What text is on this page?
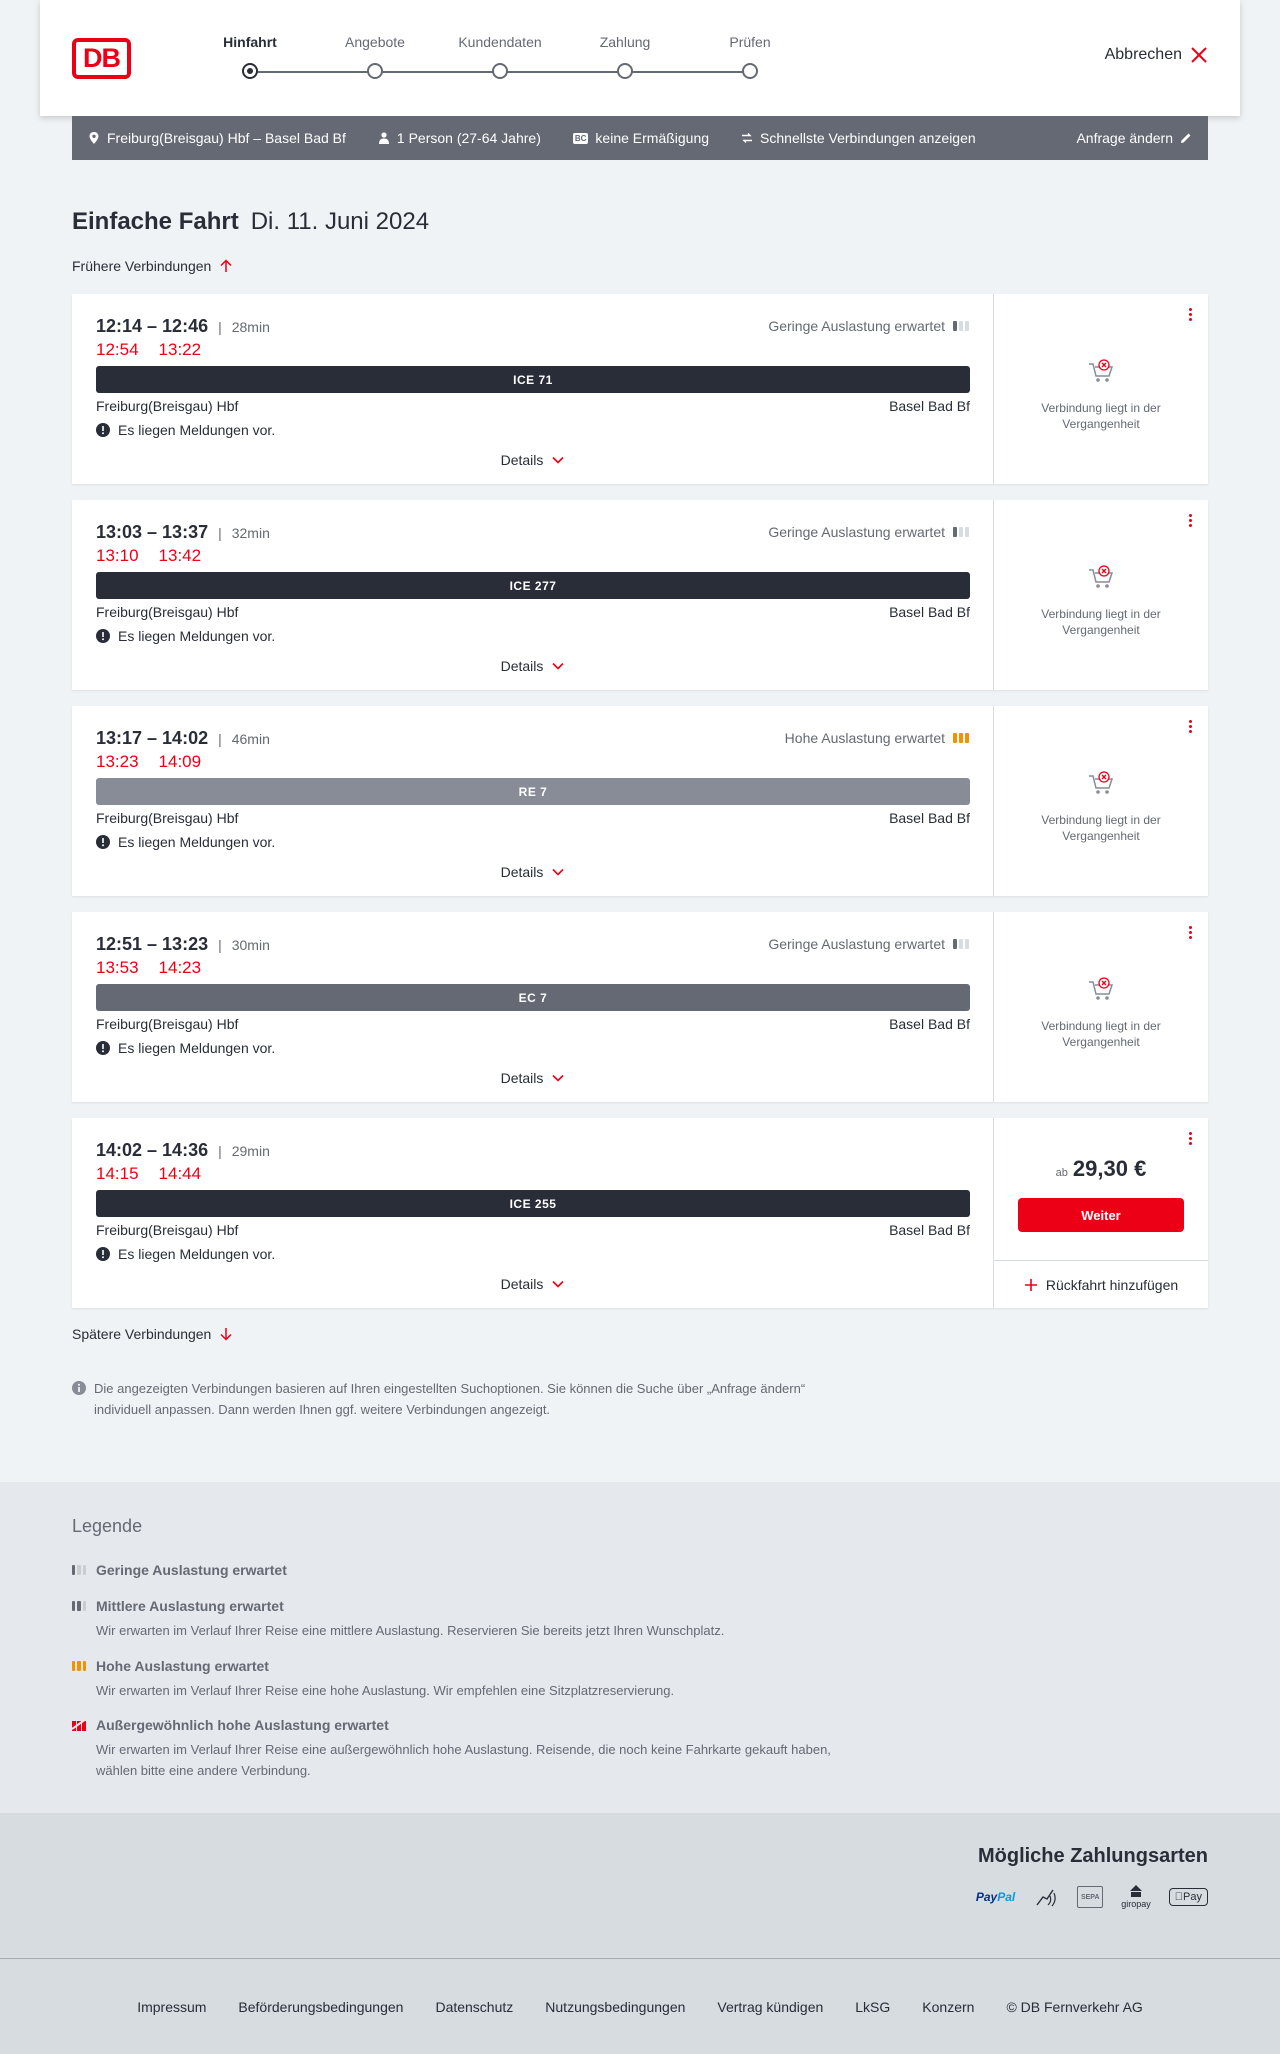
DB
Hinfahrt	Angebote	Kundendaten	Zahlung	Prüfen
Abbrechen
Freiburg(Breisgau) Hbf – Basel Bad Bf	1 Person (27-64 Jahre)	BC keine Ermäßigung	Schnellste Verbindungen anzeigen	Anfrage ändern
Einfache Fahrt Di. 11. Juni 2024
Frühere Verbindungen
12:14 – 12:46 | 28min
12:54 13:22
Geringe Auslastung erwartet
ICE 71
Freiburg(Breisgau) Hbf	Basel Bad Bf
Es liegen Meldungen vor.
Details
Verbindung liegt in der Vergangenheit
13:03 – 13:37 | 32min
13:10 13:42
Geringe Auslastung erwartet
ICE 277
Freiburg(Breisgau) Hbf	Basel Bad Bf
Es liegen Meldungen vor.
Details
Verbindung liegt in der Vergangenheit
13:17 – 14:02 | 46min
13:23 14:09
Hohe Auslastung erwartet
RE 7
Freiburg(Breisgau) Hbf	Basel Bad Bf
Es liegen Meldungen vor.
Details
Verbindung liegt in der Vergangenheit
12:51 – 13:23 | 30min
13:53 14:23
Geringe Auslastung erwartet
EC 7
Freiburg(Breisgau) Hbf	Basel Bad Bf
Es liegen Meldungen vor.
Details
Verbindung liegt in der Vergangenheit
14:02 – 14:36 | 29min
14:15 14:44
ICE 255
Freiburg(Breisgau) Hbf	Basel Bad Bf
Es liegen Meldungen vor.
Details
ab 29,30 €
Weiter
Rückfahrt hinzufügen
Spätere Verbindungen
Die angezeigten Verbindungen basieren auf Ihren eingestellten Suchoptionen. Sie können die Suche über „Anfrage ändern“ individuell anpassen. Dann werden Ihnen ggf. weitere Verbindungen angezeigt.
Legende
Geringe Auslastung erwartet
Mittlere Auslastung erwartet
Wir erwarten im Verlauf Ihrer Reise eine mittlere Auslastung. Reservieren Sie bereits jetzt Ihren Wunschplatz.
Hohe Auslastung erwartet
Wir erwarten im Verlauf Ihrer Reise eine hohe Auslastung. Wir empfehlen eine Sitzplatzreservierung.
Außergewöhnlich hohe Auslastung erwartet
Wir erwarten im Verlauf Ihrer Reise eine außergewöhnlich hohe Auslastung. Reisende, die noch keine Fahrkarte gekauft haben, wählen bitte eine andere Verbindung.
Mögliche Zahlungsarten
Pay Pal	SEPA
giropay
Pay
Impressum Beförderungsbedingungen Datenschutz Nutzungsbedingungen Vertrag kündigen LkSG Konzern © DB Fernverkehr AG
